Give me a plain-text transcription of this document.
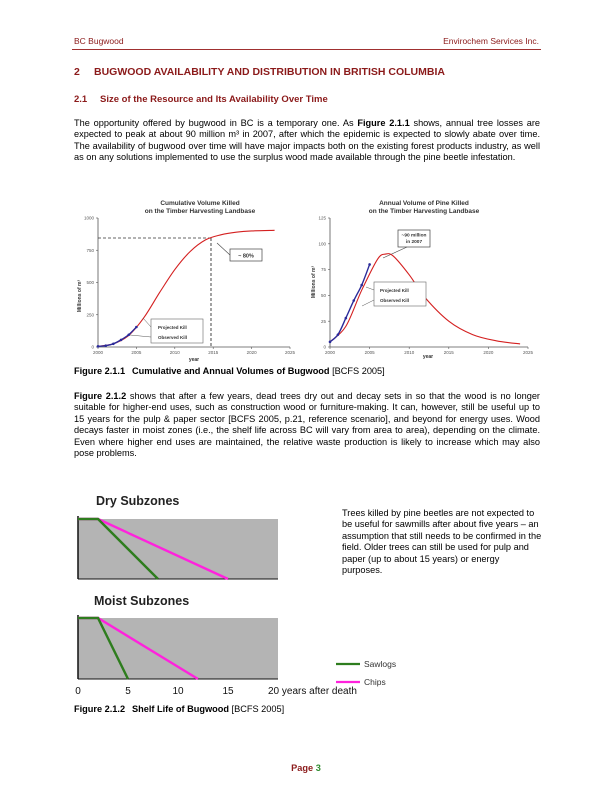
BC Bugwood	Envirochem Services Inc.
2 BUGWOOD AVAILABILITY AND DISTRIBUTION IN BRITISH COLUMBIA
2.1 Size of the Resource and Its Availability Over Time
The opportunity offered by bugwood in BC is a temporary one. As Figure 2.1.1 shows, annual tree losses are expected to peak at about 90 million m³ in 2007, after which the epidemic is expected to slowly abate over time. The availability of bugwood over time will have major impacts both on the existing forest products industry, as well as on any solutions implemented to use the surplus wood made available through the pine beetle infestation.
Cumulative Volume Killed on the Timber Harvesting Landbase
0
250
500
750
1000
2000	2005	2010	2015	2020	2025
Millions of m³
year
~ 80%
Projected Kill
Observed Kill
Annual Volume of Pine Killed on the Timber Harvesting Landbase
0
25
50
75
100
125
2000	2005	2010	2015	2020	2025
Millions of m³
year
~90 million in 2007
Projected Kill
Observed Kill
Figure 2.1.1 Cumulative and Annual Volumes of Bugwood [BCFS 2005]
Figure 2.1.2 shows that after a few years, dead trees dry out and decay sets in so that the wood is no longer suitable for higher-end uses, such as construction wood or furniture-making. It can, however, still be useful up to 15 years for the pulp & paper sector [BCFS 2005, p.21, reference scenario], and beyond for energy uses. Wood decays faster in moist zones (i.e., the shelf life across BC will vary from area to area), depending on the climate. Even where higher end uses are maintained, the relative waste production is likely to increase which may also pose problems.
Dry Subzones
Moist Subzones
0	5	10	15	20 years after death
Sawlogs
Chips
Trees killed by pine beetles are not expected to be useful for sawmills after about five years – an assumption that still needs to be confirmed in the field. Older trees can still be used for pulp and paper (up to about 15 years) or energy purposes.
Figure 2.1.2 Shelf Life of Bugwood [BCFS 2005]
Page 3
